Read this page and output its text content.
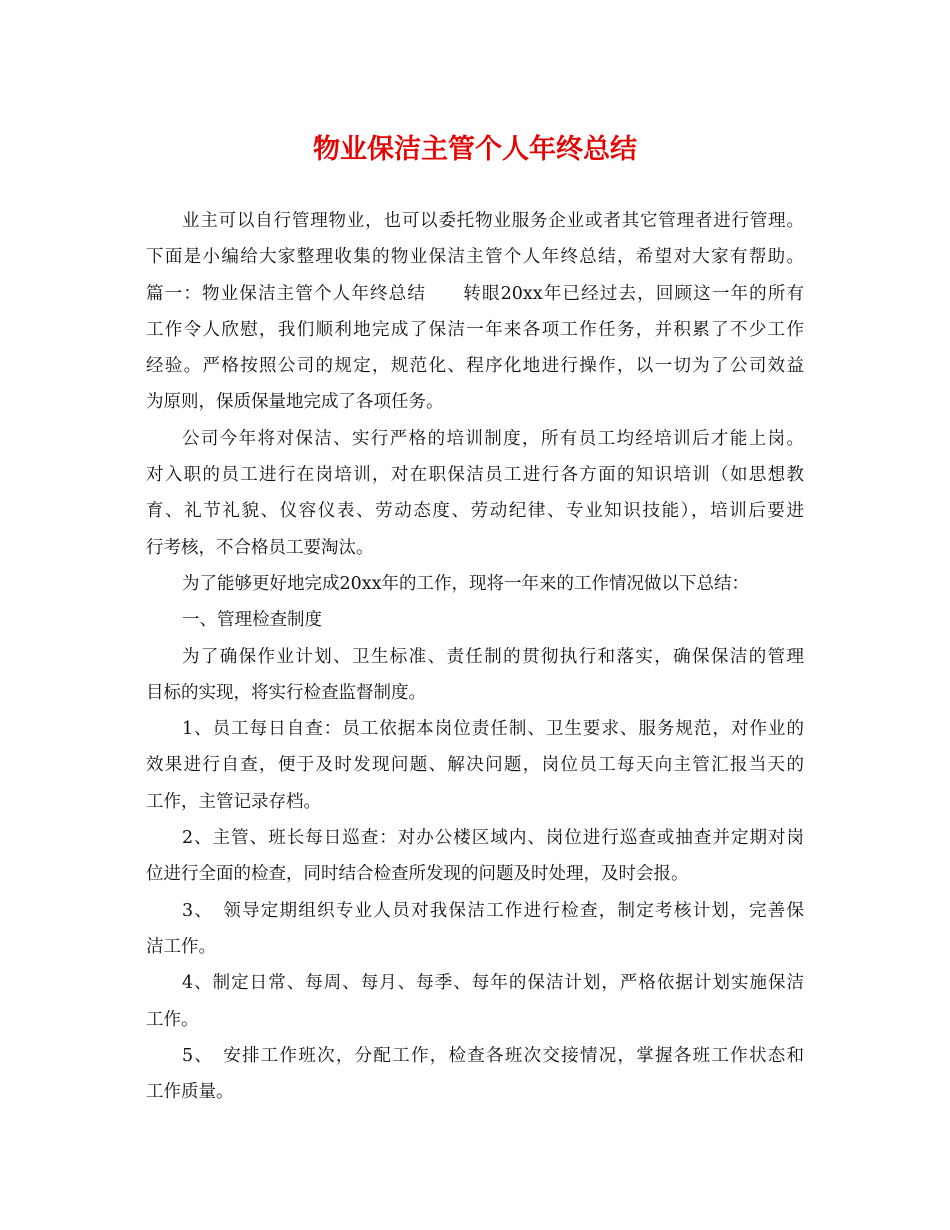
物业保洁主管个人年终总结
业主可以自行管理物业，也可以委托物业服务企业或者其它管理者进行管理。
下面是小编给大家整理收集的物业保洁主管个人年终总结，希望对大家有帮助。
篇一：物业保洁主管个人年终总结　　转眼20xx年已经过去，回顾这一年的所有
工作令人欣慰，我们顺利地完成了保洁一年来各项工作任务，并积累了不少工作
经验。严格按照公司的规定，规范化、程序化地进行操作，以一切为了公司效益
为原则，保质保量地完成了各项任务。
公司今年将对保洁、实行严格的培训制度，所有员工均经培训后才能上岗。
对入职的员工进行在岗培训，对在职保洁员工进行各方面的知识培训（如思想教
育、礼节礼貌、仪容仪表、劳动态度、劳动纪律、专业知识技能），培训后要进
行考核，不合格员工要淘汰。
为了能够更好地完成20xx年的工作，现将一年来的工作情况做以下总结：
一、管理检查制度
为了确保作业计划、卫生标准、责任制的贯彻执行和落实，确保保洁的管理
目标的实现，将实行检查监督制度。
1、员工每日自查：员工依据本岗位责任制、卫生要求、服务规范，对作业的
效果进行自查，便于及时发现问题、解决问题，岗位员工每天向主管汇报当天的
工作，主管记录存档。
2、主管、班长每日巡查：对办公楼区域内、岗位进行巡查或抽查并定期对岗
位进行全面的检查，同时结合检查所发现的问题及时处理，及时会报。
3、　领导定期组织专业人员对我保洁工作进行检查，制定考核计划，完善保
洁工作。
4、制定日常、每周、每月、每季、每年的保洁计划，严格依据计划实施保洁
工作。
5、　安排工作班次，分配工作，检查各班次交接情况，掌握各班工作状态和
工作质量。
